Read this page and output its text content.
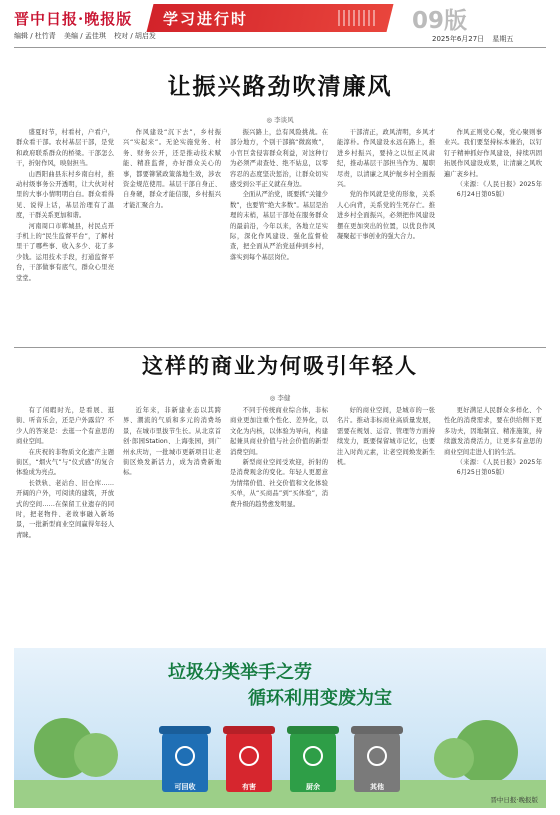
晋中日报·晚报版
编辑 / 杜竹青 美编 / 孟佳琪 校对 / 胡启发
学习进行时	09版
2025年6月27日 星期五
让振兴路劲吹清廉风
◎ 李谈风

盛夏时节，村看村，户看户，群众看干部。农村基层干部，是党和政府联系群众的桥梁。干部怎么干，折射作风，映射担当。

山西阳曲县东村乡南白村，推动村级事务公开透明，让大伙对村里的大事小情明明白白。群众看得见、说得上话，基层治理有了温度，干群关系更加和谐。

河南周口市郸城县，村民点开手机上的“民生监督平台”，了解村里干了哪些事、收入多少、花了多少钱。运用技术手段，打通监督平台，干部做事有底气，群众心里亮堂堂。

作风建设“沉下去”，乡村振兴“实起来”。无论实施党务、村务、财务公开，还是推动技术赋能、精准监督，办好群众关心的事，都要铆紧政策落地生效，涉农资金规范使用。基层干部自身正、自身硬，群众才能信服，乡村振兴才能汇聚合力。

振兴路上，总有风险挑战。在部分地方，个别干部搞“微腐败”，小官巨贪侵害群众利益，对这种行为必须严肃查处、绝不姑息，以零容忍的态度坚决惩治，让群众切实感受到公平正义就在身边。

全面从严治党，既要抓“关键少数”，也要管“绝大多数”。基层是治理的末梢，基层干部处在服务群众的最前沿，今年以来，各地立足实际，深化作风建设、强化监督检查，把全面从严治党延伸到乡村，落实到每个基层岗位。

干部清正，政风清明，乡风才能淳朴。作风建设永远在路上，推进乡村振兴，要持之以恒正风肃纪，推动基层干部担当作为、履职尽责，以清廉之风护航乡村全面振兴。

党的作风就是党的形象，关系人心向背，关系党的生死存亡。推进乡村全面振兴，必须把作风建设摆在更加突出的位置，以优良作风凝聚起干事创业的强大合力。

作风正则党心聚，党心聚则事业兴。我们要坚持标本兼治，以钉钉子精神抓好作风建设，持续巩固拓展作风建设成果，让清廉之风吹遍广袤乡村。

（来源：《人民日报》2025年6月24日第05版）

这样的商业为何吸引年轻人
◎ 李健

有了闲暇时光，是看展、逛街、听音乐会，还是户外露营？不少人的答案是：去逛一个有意思的商业空间。

在庆祝的非物质文化遗产主题街区，“烟火气”与“仪式感”的复合体验成为亮点。

长铁轨、老站台、旧仓库……开阔的户外，可阅读的建筑，开放式的空间……在保留工业遗存的同时，把老物件、老故事融入新场景，一批新型商业空间赢得年轻人青睐。

近年来，非新建业态以其跨界、潮流的气质和多元的消费场景，在城市里拔节生长。从北京首创·郎园Station、上海张园，到广州永庆坊，一批城市更新项目让老街区焕发新活力，成为消费新地标。

不同于传统商业综合体，非标商业更加注重个性化、差异化，以文化为内核，以体验为导向，构建起兼具商业价值与社会价值的新型消费空间。

新型商业空间受欢迎，折射的是消费观念的变化。年轻人更愿意为情绪价值、社交价值和文化体验买单，从“买商品”到“买体验”，消费升级的趋势愈发明显。

好的商业空间，是城市的一张名片。推动非标商业高质量发展，需要在规划、运营、管理等方面持续发力，既要保留城市记忆，也要注入时尚元素，让老空间焕发新生机。

更好满足人民群众多样化、个性化的消费需求，要在供给侧下更多功夫，因地制宜、精准施策，持续激发消费活力，让更多有意思的商业空间走进人们的生活。

（来源：《人民日报》2025年6月25日第05版）

垃圾分类举手之劳
循环利用变废为宝
可回收	有害	厨余	其他
晋中日报·晚报版
